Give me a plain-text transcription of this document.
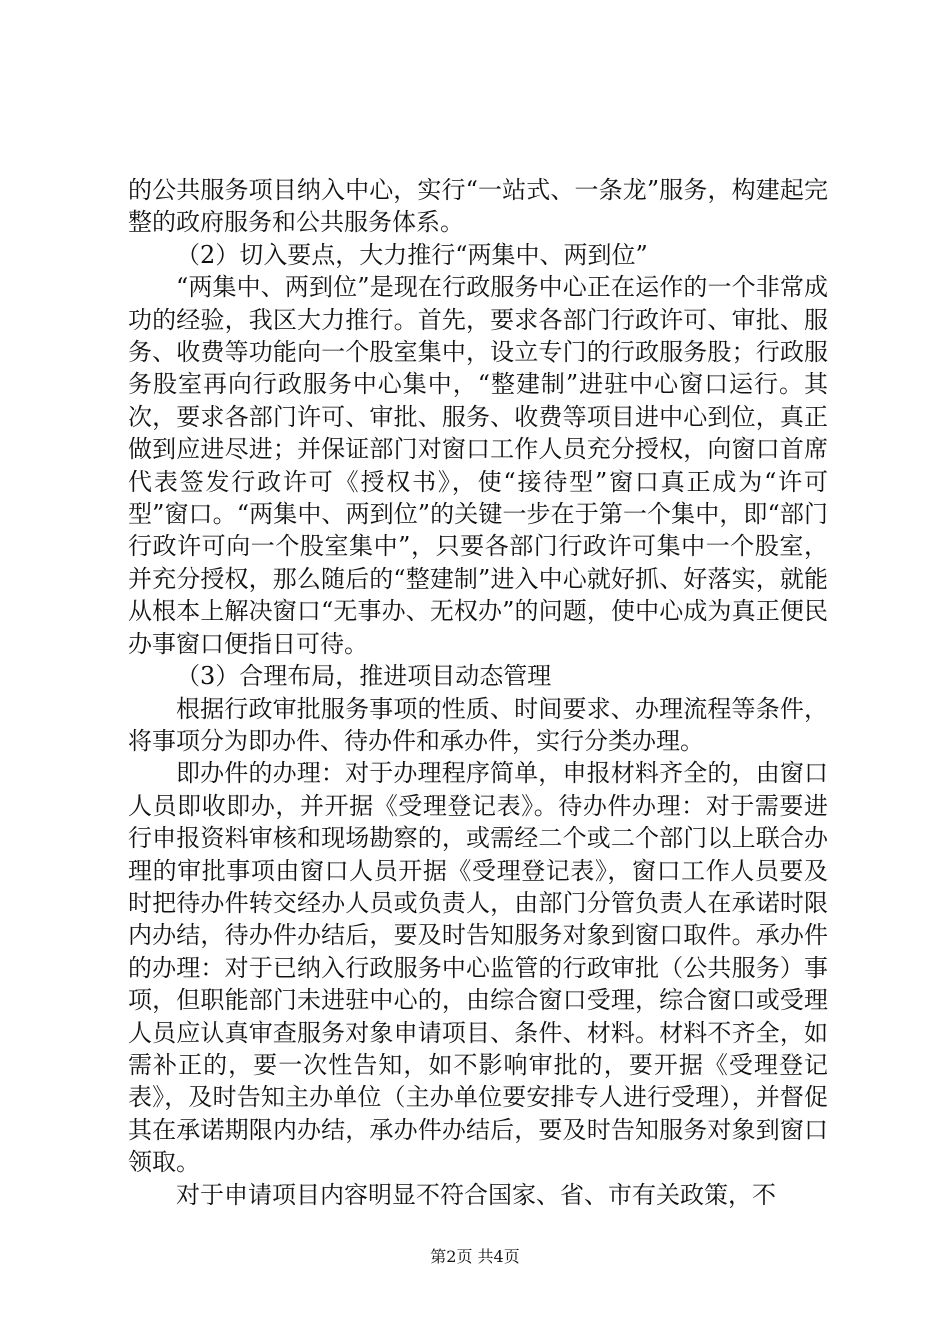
的公共服务项目纳入中心，实行“一站式、一条龙”服务，构建起完整的政府服务和公共服务体系。

（2）切入要点，大力推行“两集中、两到位”

“两集中、两到位”是现在行政服务中心正在运作的一个非常成功的经验，我区大力推行。首先，要求各部门行政许可、审批、服务、收费等功能向一个股室集中，设立专门的行政服务股；行政服务股室再向行政服务中心集中，“整建制”进驻中心窗口运行。其次，要求各部门许可、审批、服务、收费等项目进中心到位，真正做到应进尽进；并保证部门对窗口工作人员充分授权，向窗口首席代表签发行政许可《授权书》，使“接待型”窗口真正成为“许可型”窗口。“两集中、两到位”的关键一步在于第一个集中，即“部门行政许可向一个股室集中”，只要各部门行政许可集中一个股室，并充分授权，那么随后的“整建制”进入中心就好抓、好落实，就能从根本上解决窗口“无事办、无权办”的问题，使中心成为真正便民办事窗口便指日可待。

（3）合理布局，推进项目动态管理

根据行政审批服务事项的性质、时间要求、办理流程等条件，将事项分为即办件、待办件和承办件，实行分类办理。

即办件的办理：对于办理程序简单，申报材料齐全的，由窗口人员即收即办，并开据《受理登记表》。待办件办理：对于需要进行申报资料审核和现场勘察的，或需经二个或二个部门以上联合办理的审批事项由窗口人员开据《受理登记表》，窗口工作人员要及时把待办件转交经办人员或负责人，由部门分管负责人在承诺时限内办结，待办件办结后，要及时告知服务对象到窗口取件。承办件的办理：对于已纳入行政服务中心监管的行政审批（公共服务）事项，但职能部门未进驻中心的，由综合窗口受理，综合窗口或受理人员应认真审查服务对象申请项目、条件、材料。材料不齐全，如需补正的，要一次性告知，如不影响审批的，要开据《受理登记表》，及时告知主办单位（主办单位要安排专人进行受理），并督促其在承诺期限内办结，承办件办结后，要及时告知服务对象到窗口领取。

对于申请项目内容明显不符合国家、省、市有关政策，不

第2页 共4页
